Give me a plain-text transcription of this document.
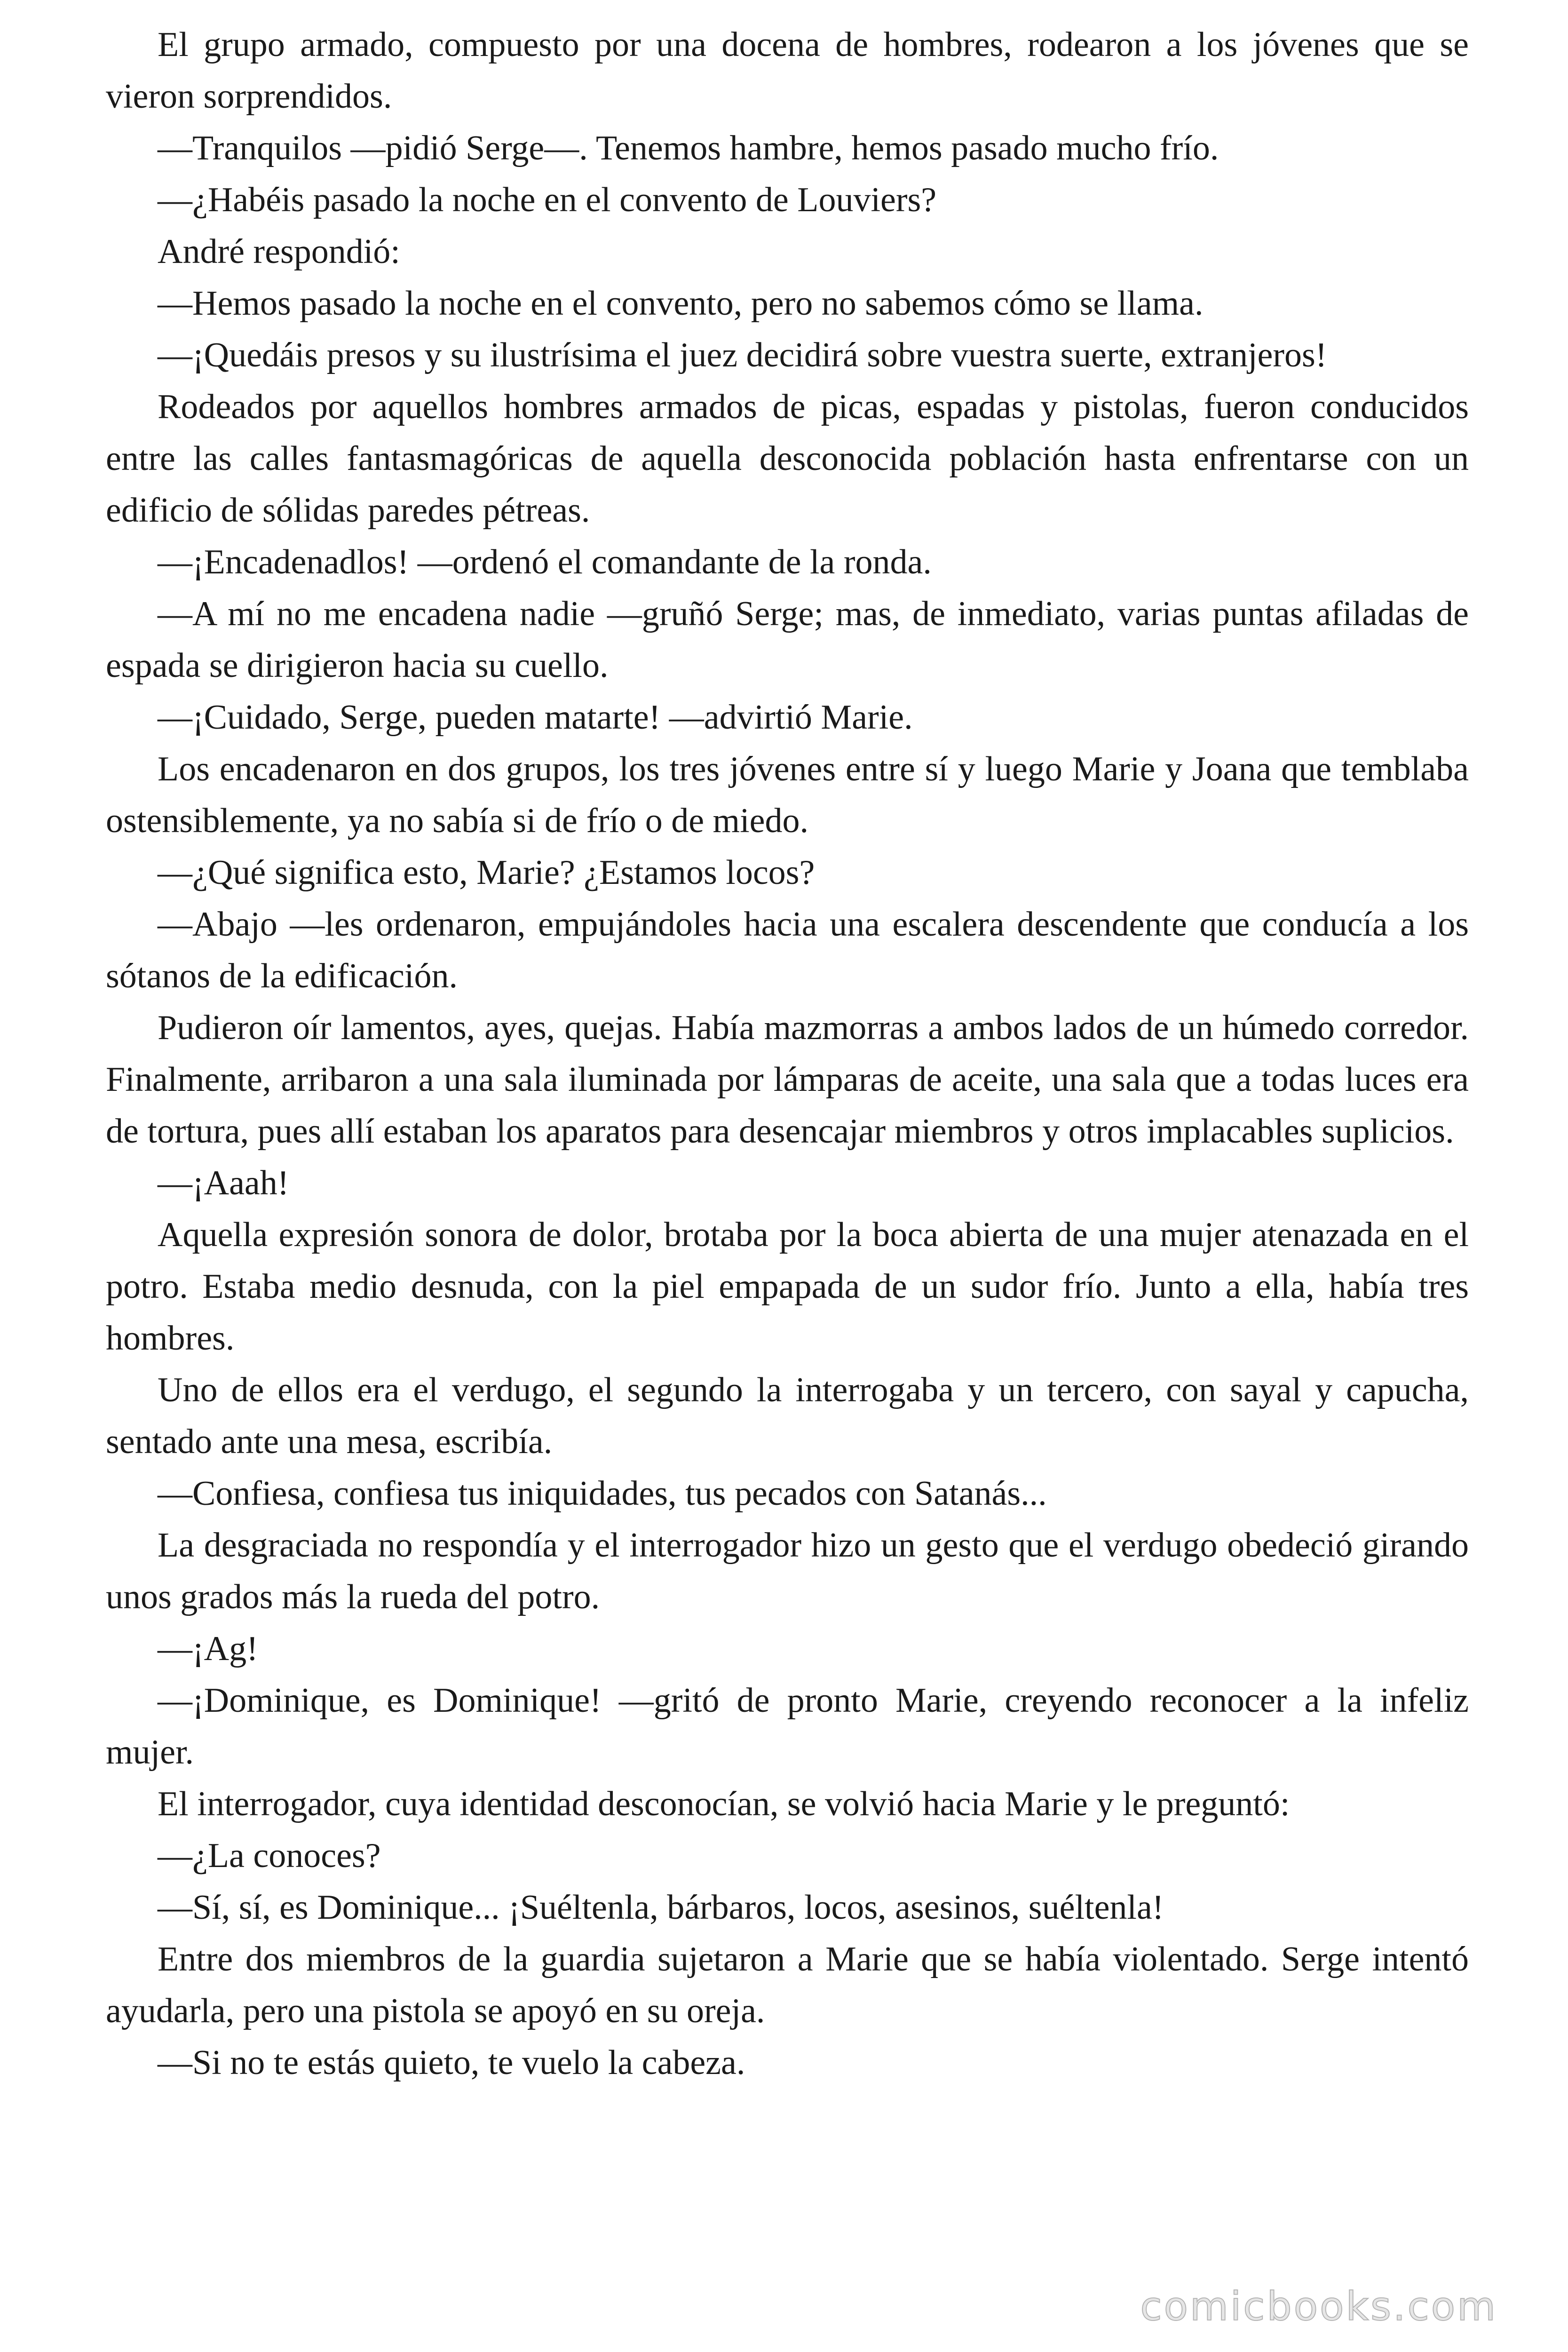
El grupo armado, compuesto por una docena de hombres, rodearon a los jóvenes que se vieron sorprendidos.

—Tranquilos —pidió Serge—. Tenemos hambre, hemos pasado mucho frío.

—¿Habéis pasado la noche en el convento de Louviers?

André respondió:

—Hemos pasado la noche en el convento, pero no sabemos cómo se llama.

—¡Quedáis presos y su ilustrísima el juez decidirá sobre vuestra suerte, extranjeros!

Rodeados por aquellos hombres armados de picas, espadas y pistolas, fueron conducidos entre las calles fantasmagóricas de aquella desconocida población hasta enfrentarse con un edificio de sólidas paredes pétreas.

—¡Encadenadlos! —ordenó el comandante de la ronda.

—A mí no me encadena nadie —gruñó Serge; mas, de inmediato, varias puntas afiladas de espada se dirigieron hacia su cuello.

—¡Cuidado, Serge, pueden matarte! —advirtió Marie.

Los encadenaron en dos grupos, los tres jóvenes entre sí y luego Marie y Joana que temblaba ostensiblemente, ya no sabía si de frío o de miedo.

—¿Qué significa esto, Marie? ¿Estamos locos?

—Abajo —les ordenaron, empujándoles hacia una escalera descendente que conducía a los sótanos de la edificación.

Pudieron oír lamentos, ayes, quejas. Había mazmorras a ambos lados de un húmedo corredor. Finalmente, arribaron a una sala iluminada por lámparas de aceite, una sala que a todas luces era de tortura, pues allí estaban los aparatos para desencajar miembros y otros implacables suplicios.

—¡Aaah!

Aquella expresión sonora de dolor, brotaba por la boca abierta de una mujer atenazada en el potro. Estaba medio desnuda, con la piel empapada de un sudor frío. Junto a ella, había tres hombres.

Uno de ellos era el verdugo, el segundo la interrogaba y un tercero, con sayal y capucha, sentado ante una mesa, escribía.

—Confiesa, confiesa tus iniquidades, tus pecados con Satanás...

La desgraciada no respondía y el interrogador hizo un gesto que el verdugo obedeció girando unos grados más la rueda del potro.

—¡Ag!

—¡Dominique, es Dominique! —gritó de pronto Marie, creyendo reconocer a la infeliz mujer.

El interrogador, cuya identidad desconocían, se volvió hacia Marie y le preguntó:

—¿La conoces?

—Sí, sí, es Dominique... ¡Suéltenla, bárbaros, locos, asesinos, suéltenla!

Entre dos miembros de la guardia sujetaron a Marie que se había violentado. Serge intentó ayudarla, pero una pistola se apoyó en su oreja.

—Si no te estás quieto, te vuelo la cabeza.

comicbooks.com
